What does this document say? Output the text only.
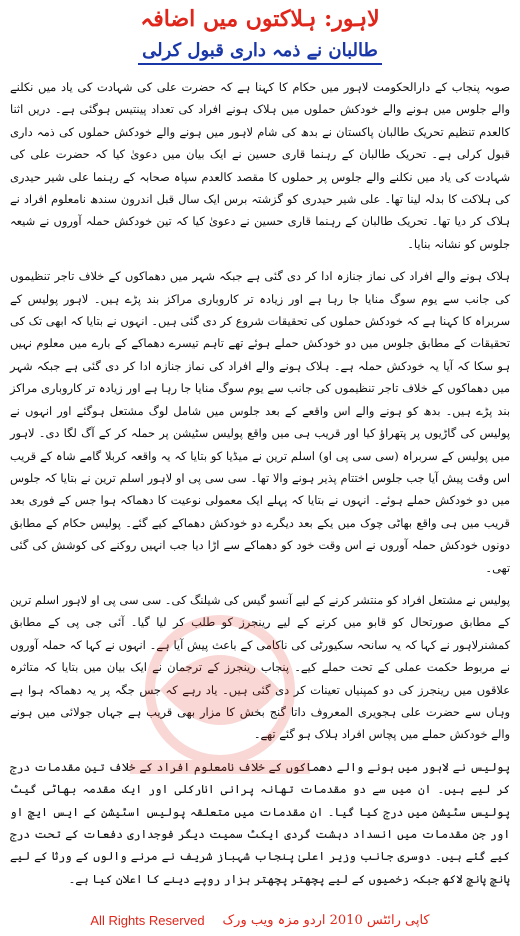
لاہور: ہلاکتوں میں اضافہ
طالبان نے ذمہ داری قبول کرلی

صوبہ پنجاب کے دارالحکومت لاہور میں حکام کا کہنا ہے کہ حضرت علی کی شہادت کی یاد میں نکلنے والے جلوس میں ہونے والے خودکش حملوں میں ہلاک ہونے افراد کی تعداد پینتیس ہوگئی ہے۔ دریں اثنا کالعدم تنظیم تحریک طالبان پاکستان نے بدھ کی شام لاہور میں ہونے والے خودکش حملوں کی ذمہ داری قبول کرلی ہے۔ تحریک طالبان کے رہنما قاری حسین نے ایک بیان میں دعویٰ کیا کہ حضرت علی کی شہادت کی یاد میں نکلنے والے جلوس پر حملوں کا مقصد کالعدم سپاہ صحابہ کے رہنما علی شیر حیدری کی ہلاکت کا بدلہ لینا تھا۔ علی شیر حیدری کو گزشتہ برس ایک سال قبل اندرون سندھ نامعلوم افراد نے ہلاک کر دیا تھا۔ تحریک طالبان کے رہنما قاری حسین نے دعویٰ کیا کہ تین خودکش حملہ آوروں نے شیعہ جلوس کو نشانہ بنایا۔

ہلاک ہونے والے افراد کی نماز جنازہ ادا کر دی گئی ہے جبکہ شہر میں دھماکوں کے خلاف تاجر تنظیموں کی جانب سے یوم سوگ منایا جا رہا ہے اور زیادہ تر کاروباری مراکز بند پڑے ہیں۔ لاہور پولیس کے سربراہ کا کہنا ہے کہ خودکش حملوں کی تحقیقات شروع کر دی گئی ہیں۔ انہوں نے بتایا کہ ابھی تک کی تحقیقات کے مطابق جلوس میں دو خودکش حملے ہوئے تھے تاہم تیسرے دھماکے کے بارے میں معلوم نہیں ہو سکا کہ آیا یہ خودکش حملہ ہے۔ ہلاک ہونے والے افراد کی نماز جنازہ ادا کر دی گئی ہے جبکہ شہر میں دھماکوں کے خلاف تاجر تنظیموں کی جانب سے یوم سوگ منایا جا رہا ہے اور زیادہ تر کاروباری مراکز بند پڑے ہیں۔ بدھ کو ہونے والے اس واقعے کے بعد جلوس میں شامل لوگ مشتعل ہوگئے اور انہوں نے پولیس کی گاڑیوں پر پتھراؤ کیا اور قریب ہی میں واقع پولیس سٹیشن پر حملہ کر کے آگ لگا دی۔ لاہور میں پولیس کے سربراہ (سی سی پی او) اسلم ترین نے میڈیا کو بتایا کہ یہ واقعہ کربلا گامے شاہ کے قریب اس وقت پیش آیا جب جلوس اختتام پذیر ہونے والا تھا۔ سی سی پی او لاہور اسلم ترین نے بتایا کہ جلوس میں دو خودکش حملے ہوئے۔ انہوں نے بتایا کہ پہلے ایک معمولی نوعیت کا دھماکہ ہوا جس کے فوری بعد قریب میں ہی واقع بھاٹی چوک میں یکے بعد دیگرے دو خودکش دھماکے کیے گئے۔ پولیس حکام کے مطابق دونوں خودکش حملہ آوروں نے اس وقت خود کو دھماکے سے اڑا دیا جب انہیں روکنے کی کوشش کی گئی تھی۔

پولیس نے مشتعل افراد کو منتشر کرنے کے لیے آنسو گیس کی شیلنگ کی۔ سی سی پی او لاہور اسلم ترین کے مطابق صورتحال کو قابو میں کرنے کے لیے رینجرز کو طلب کر لیا گیا۔ آئی جی پی کے مطابق کمشنرلاہور نے کہا کہ یہ سانحہ سکیورٹی کی ناکامی کے باعث پیش آیا ہے۔ انہوں نے کہا کہ حملہ آوروں نے مربوط حکمت عملی کے تحت حملے کیے۔ پنجاب رینجرز کے ترجمان نے ایک بیان میں بتایا کہ متاثرہ علاقوں میں رینجرز کی دو کمپنیاں تعینات کر دی گئی ہیں۔ یاد رہے کہ جس جگہ پر یہ دھماکہ ہوا ہے وہاں سے حضرت علی ہجویری المعروف داتا گنج بخش کا مزار بھی قریب ہے جہاں جولائی میں ہونے والے خودکش حملے میں پچاس افراد ہلاک ہو گئے تھے۔

پولیس نے لاہور میں ہونے والے دھماکوں کے خلاف نامعلوم افراد کے خلاف تین مقدمات درج کر لیے ہیں۔ ان میں سے دو مقدمات تھانہ پرانی انارکلی اور ایک مقدمہ بھاٹی گیٹ پولیس سٹیشن میں درج کیا گیا۔ ان مقدمات میں متعلقہ پولیس اسٹیشن کے ایس ایچ او اور جن مقدمات میں انسداد دہشت گردی ایکٹ سمیت دیگر فوجداری دفعات کے تحت درج کیے گئے ہیں۔ دوسری جانب وزیر اعلیٰ پنجاب شہباز شریف نے مرنے والوں کے ورثا کے لیے پانچ پانچ لاکھ جبکہ زخمیوں کے لیے پچھتر پچھتر ہزار روپے دینے کا اعلان کیا ہے۔

All Rights Reserved کاپی رائٹس 2010 اردو مزہ ویب ورک
